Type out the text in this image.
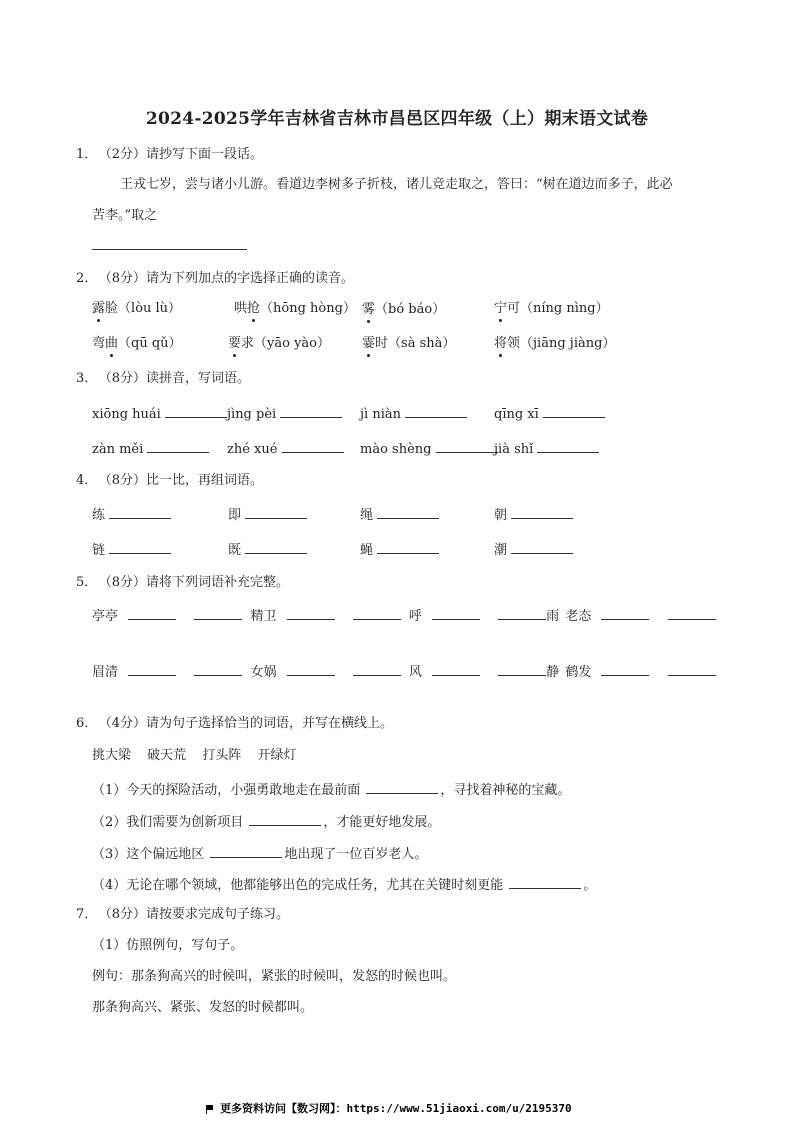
2024-2025学年吉林省吉林市昌邑区四年级（上）期末语文试卷
1． （2分）请抄写下面一段话。
王戎七岁，尝与诸小儿游。看道边李树多子折枝，诸儿竞走取之，答曰：“树在道边而多子，此必
苦李。”取之
2． （8分）请为下列加点的字选择正确的读音。
露脸（lòu lù）	哄抢（hōng hòng） 雾（bó báo）	宁可（níng nìng）
弯曲（qū qǔ）	要求（yāo yào） 霎时（sà shà）	将领（jiāng jiàng）
3． （8分）读拼音，写词语。
xiōng huái	jìng pèi	jì niàn	qīng xī
zàn měi	zhé xué	mào shèng	jià shǐ
4． （8分）比一比，再组词语。
练	即	绳	朝
链	既	蝇	潮
5． （8分）请将下列词语补充完整。
亭亭	精卫	呼	雨 老态
眉清	女娲	风	静 鹤发
6． （4分）请为句子选择恰当的词语，并写在横线上。
挑大梁 破天荒 打头阵 开绿灯
（1）今天的探险活动，小强勇敢地走在最前面	，寻找着神秘的宝藏。
（2）我们需要为创新项目	，才能更好地发展。
（3）这个偏远地区	地出现了一位百岁老人。
（4）无论在哪个领域，他都能够出色的完成任务，尤其在关键时刻更能	。
7． （8分）请按要求完成句子练习。
（1）仿照例句，写句子。
例句：那条狗高兴的时候叫，紧张的时候叫，发怒的时候也叫。
那条狗高兴、紧张、发怒的时候都叫。
更多资料访问【数习网】：https://www.51jiaoxi.com/u/2195370
